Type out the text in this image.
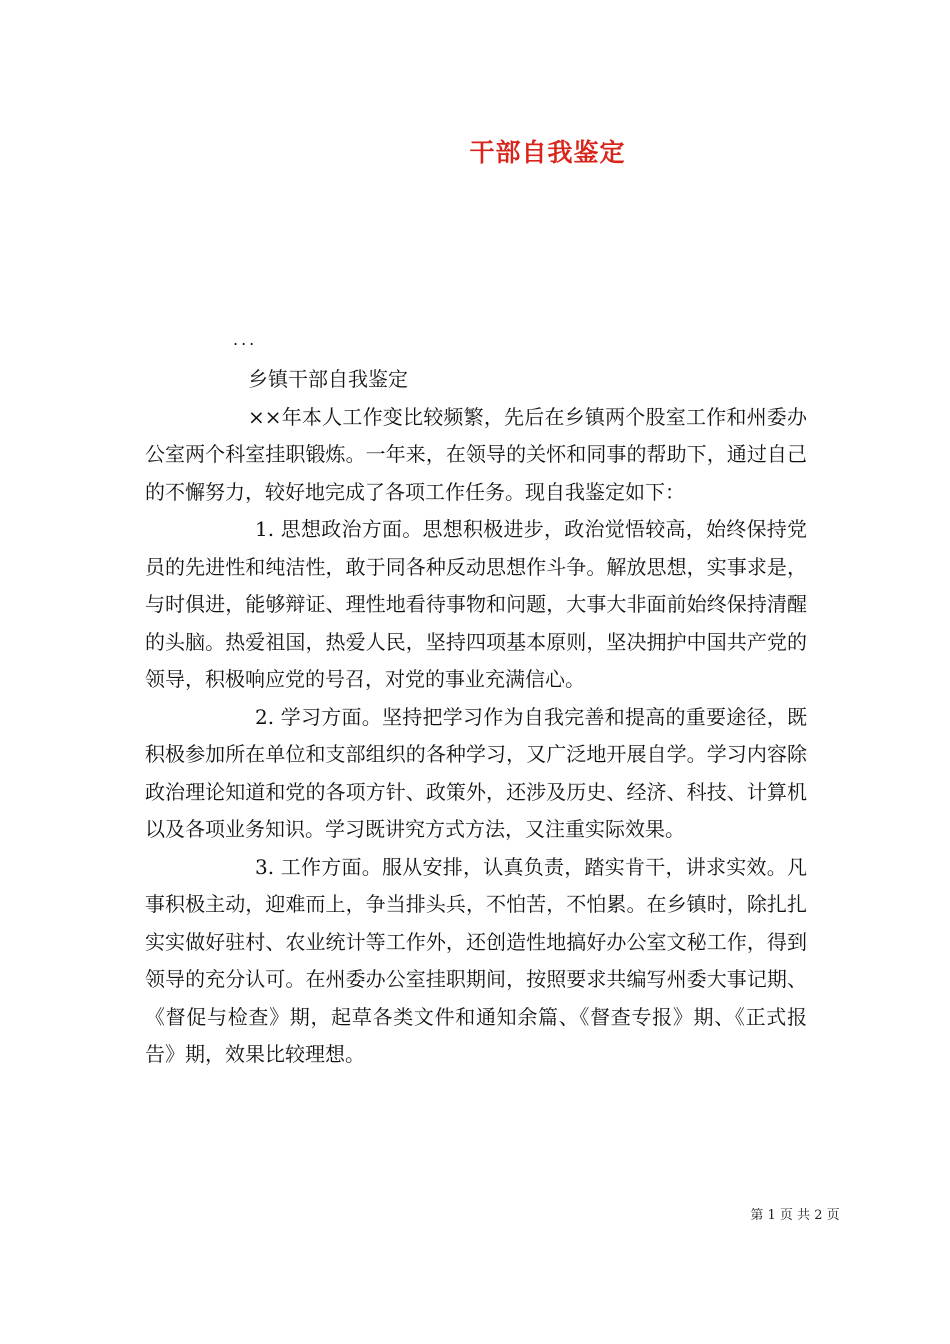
干部自我鉴定
...

乡镇干部自我鉴定

××年本人工作变比较频繁，先后在乡镇两个股室工作和州委办公室两个科室挂职锻炼。一年来，在领导的关怀和同事的帮助下，通过自己的不懈努力，较好地完成了各项工作任务。现自我鉴定如下：

1. 思想政治方面。思想积极进步，政治觉悟较高，始终保持党员的先进性和纯洁性，敢于同各种反动思想作斗争。解放思想，实事求是，与时俱进，能够辩证、理性地看待事物和问题，大事大非面前始终保持清醒的头脑。热爱祖国，热爱人民，坚持四项基本原则，坚决拥护中国共产党的领导，积极响应党的号召，对党的事业充满信心。

2. 学习方面。坚持把学习作为自我完善和提高的重要途径，既积极参加所在单位和支部组织的各种学习，又广泛地开展自学。学习内容除政治理论知道和党的各项方针、政策外，还涉及历史、经济、科技、计算机以及各项业务知识。学习既讲究方式方法，又注重实际效果。

3. 工作方面。服从安排，认真负责，踏实肯干，讲求实效。凡事积极主动，迎难而上，争当排头兵，不怕苦，不怕累。在乡镇时，除扎扎实实做好驻村、农业统计等工作外，还创造性地搞好办公室文秘工作，得到领导的充分认可。在州委办公室挂职期间，按照要求共编写州委大事记期、《督促与检查》期，起草各类文件和通知余篇、《督查专报》期、《正式报告》期，效果比较理想。

第 1 页 共 2 页
